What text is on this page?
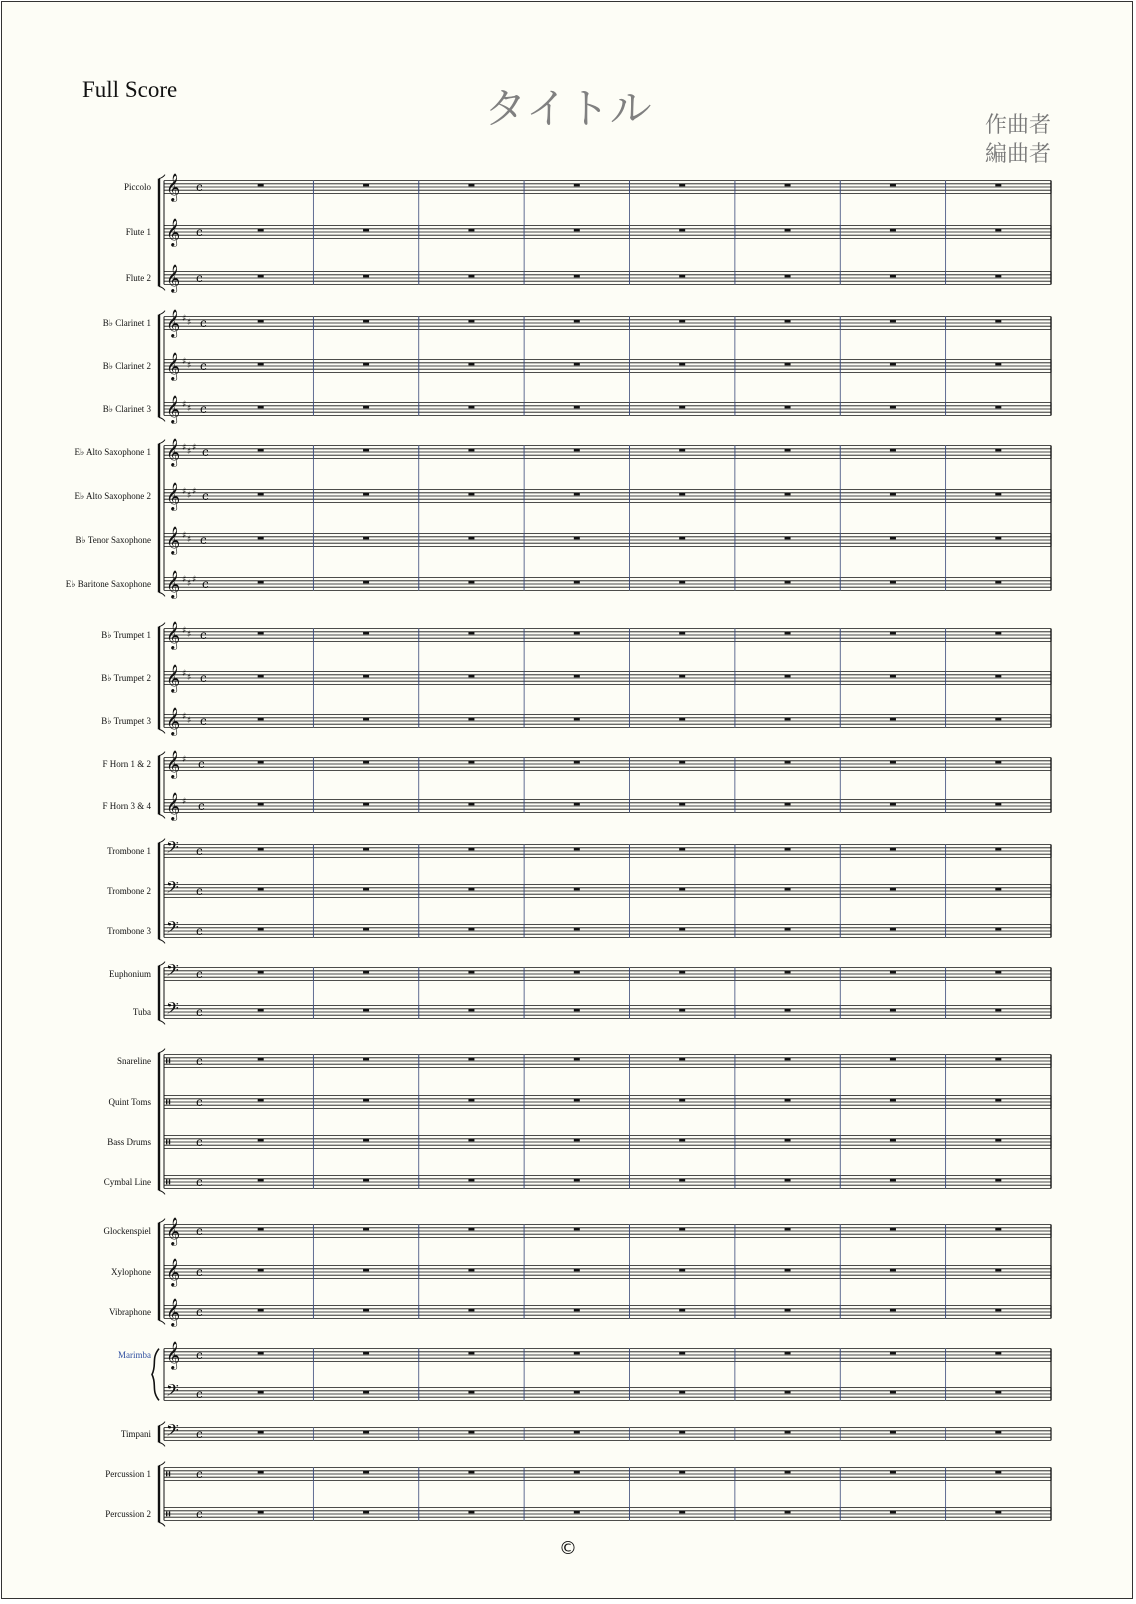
Full Score	タイトル	作曲者
編曲者
©
𝄞 c
Piccolo
𝄞 c
Flute 1
𝄞 c
Flute 2
𝄞 ♯ ♯ c
B♭ Clarinet 1
𝄞 ♯ ♯ c
B♭ Clarinet 2
𝄞 ♯ ♯ c
B♭ Clarinet 3
𝄞 ♯ ♯ ♯ c
E♭ Alto Saxophone 1
𝄞 ♯ ♯ ♯ c
E♭ Alto Saxophone 2
𝄞 ♯ ♯ c
B♭ Tenor Saxophone
𝄞 ♯ ♯ ♯ c
E♭ Baritone Saxophone
𝄞 ♯ ♯ c
B♭ Trumpet 1
𝄞 ♯ ♯ c
B♭ Trumpet 2
𝄞 ♯ ♯ c
B♭ Trumpet 3
𝄞 ♯ c
F Horn 1 & 2
𝄞 ♯ c
F Horn 3 & 4
𝄢 c
Trombone 1
𝄢 c
Trombone 2
𝄢 c
Trombone 3
𝄢 c
Euphonium
𝄢 c
Tuba
𝄥 c
Snareline
𝄥 c
Quint Toms
𝄥 c
Bass Drums
𝄥 c
Cymbal Line
𝄞 c
Glockenspiel
𝄞 c
Xylophone
𝄞 c
Vibraphone
𝄞 c
Marimba
𝄢 c
𝄢 c
Timpani
𝄥 c
Percussion 1
𝄥 c
Percussion 2
